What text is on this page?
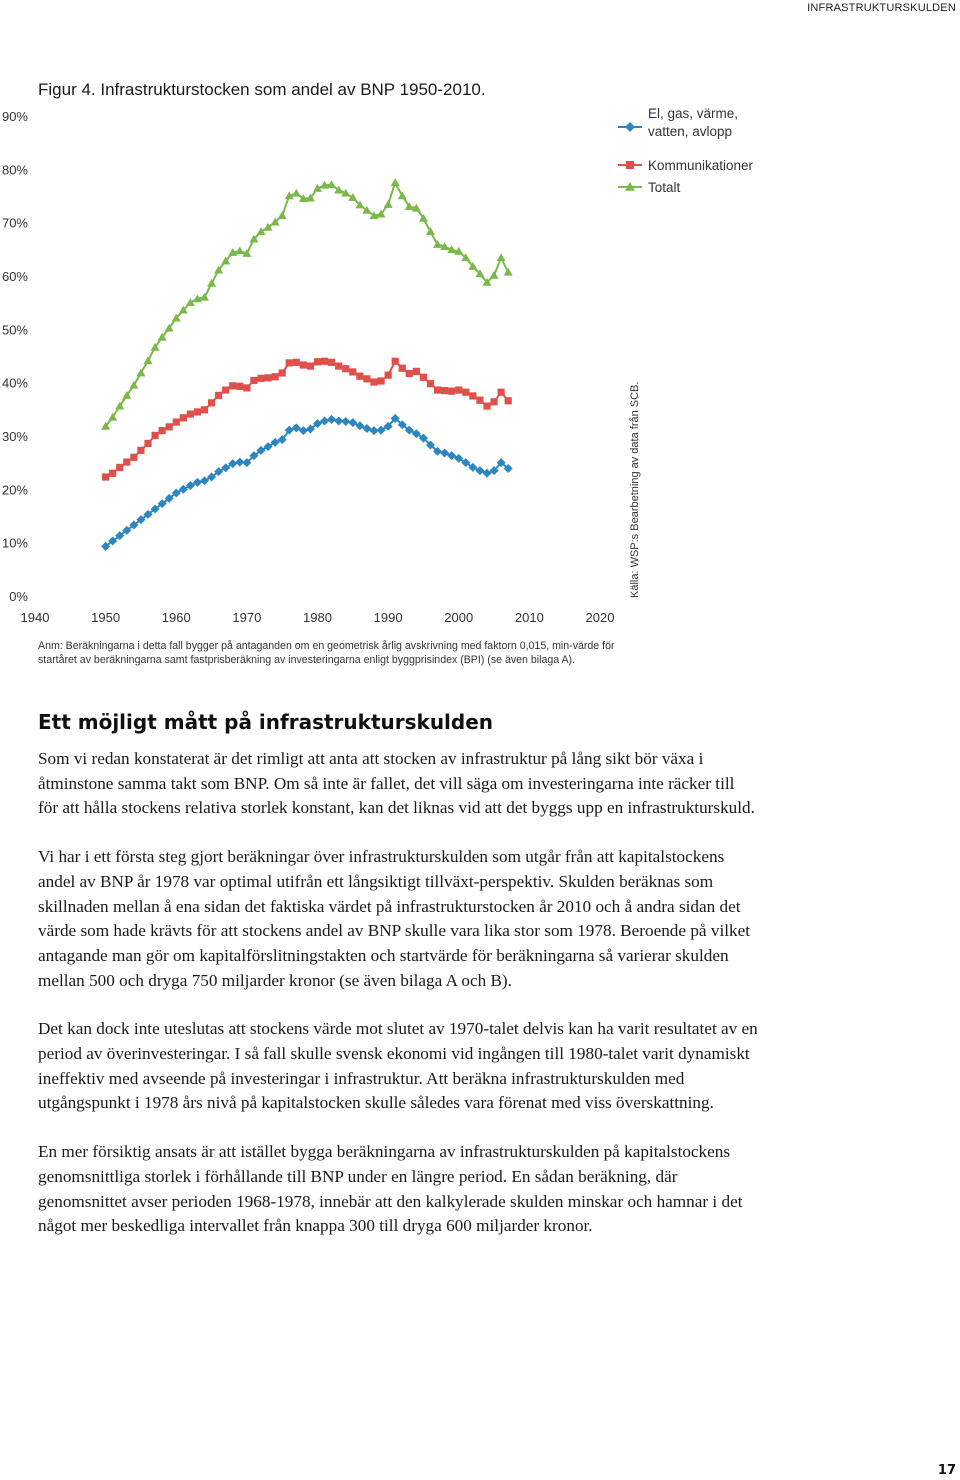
INFRASTRUKTURSKULDEN
Figur 4. Infrastrukturstocken som andel av BNP 1950-2010.
0%
10%
20%
30%
40%
50%
60%
70%
80%
90%
1940	1950	1960	1970	1980	1990	2000	2010	2020
El, gas, värme, vatten, avlopp
Kommunikationer
Totalt
Källa: WSP:s Bearbetning av data från SCB.
Anm: Beräkningarna i detta fall bygger på antaganden om en geometrisk årlig avskrivning med faktorn 0,015, min-värde för startåret av beräkningarna samt fastprisberäkning av investeringarna enligt byggprisindex (BPI) (se även bilaga A).
Ett möjligt mått på infrastrukturskulden

Som vi redan konstaterat är det rimligt att anta att stocken av infrastruktur på lång sikt bör växa i åtminstone samma takt som BNP. Om så inte är fallet, det vill säga om investeringarna inte räcker till för att hålla stockens relativa storlek konstant, kan det liknas vid att det byggs upp en infrastrukturskuld.

Vi har i ett första steg gjort beräkningar över infrastrukturskulden som utgår från att kapitalstockens andel av BNP år 1978 var optimal utifrån ett långsiktigt tillväxt-perspektiv. Skulden beräknas som skillnaden mellan å ena sidan det faktiska värdet på infrastrukturstocken år 2010 och å andra sidan det värde som hade krävts för att stockens andel av BNP skulle vara lika stor som 1978. Beroende på vilket antagande man gör om kapitalförslitningstakten och startvärde för beräkningarna så varierar skulden mellan 500 och dryga 750 miljarder kronor (se även bilaga A och B).

Det kan dock inte uteslutas att stockens värde mot slutet av 1970-talet delvis kan ha varit resultatet av en period av överinvesteringar. I så fall skulle svensk ekonomi vid ingången till 1980-talet varit dynamiskt ineffektiv med avseende på investeringar i infrastruktur. Att beräkna infrastrukturskulden med utgångspunkt i 1978 års nivå på kapitalstocken skulle således vara förenat med viss överskattning.

En mer försiktig ansats är att istället bygga beräkningarna av infrastrukturskulden på kapitalstockens genomsnittliga storlek i förhållande till BNP under en längre period. En sådan beräkning, där genomsnittet avser perioden 1968-1978, innebär att den kalkylerade skulden minskar och hamnar i det något mer beskedliga intervallet från knappa 300 till dryga 600 miljarder kronor.

17
